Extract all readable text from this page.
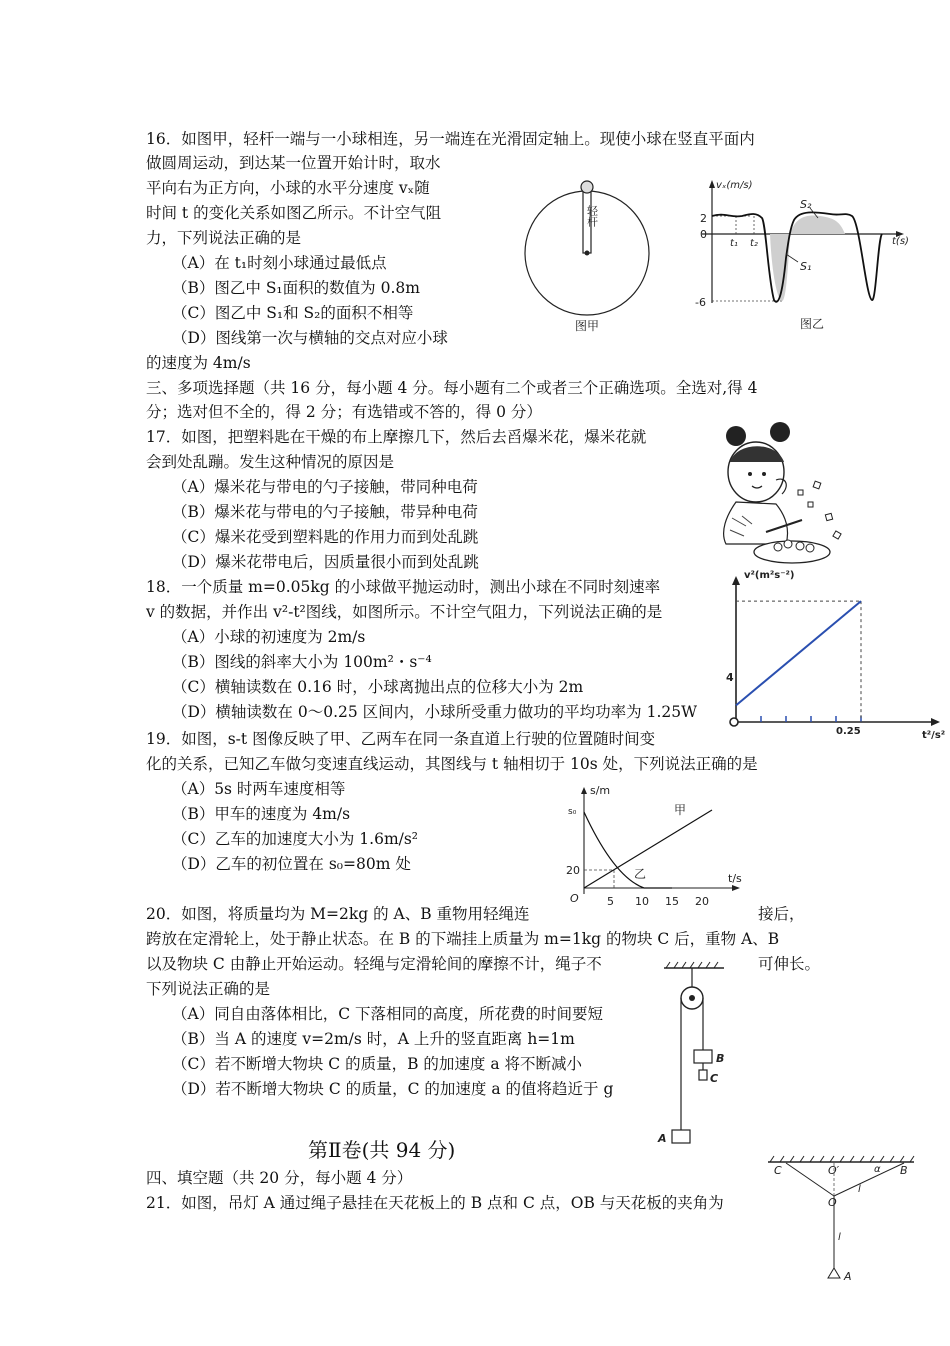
16．如图甲，轻杆一端与一小球相连，另一端连在光滑固定轴上。现使小球在竖直平面内
做圆周运动，到达某一位置开始计时，取水
平向右为正方向，小球的水平分速度 vₓ随
时间 t 的变化关系如图乙所示。不计空气阻
力，下列说法正确的是
（A）在 t₁时刻小球通过最低点
（B）图乙中 S₁面积的数值为 0.8m
（C）图乙中 S₁和 S₂的面积不相等
（D）图线第一次与横轴的交点对应小球
的速度为 4m/s
轻杆
图甲
vₓ(m/s)
t(s)
2
0
-6
t₁ t₂
S₂
S₁
图乙
三、多项选择题（共 16 分，每小题 4 分。每小题有二个或者三个正确选项。全选对,得 4
分；选对但不全的，得 2 分；有选错或不答的，得 0 分）
17．如图，把塑料匙在干燥的布上摩擦几下，然后去舀爆米花，爆米花就
会到处乱蹦。发生这种情况的原因是
（A）爆米花与带电的勺子接触，带同种电荷
（B）爆米花与带电的勺子接触，带异种电荷
（C）爆米花受到塑料匙的作用力而到处乱跳
（D）爆米花带电后，因质量很小而到处乱跳
18．一个质量 m=0.05kg 的小球做平抛运动时，测出小球在不同时刻速率
v 的数据，并作出 v²-t²图线，如图所示。不计空气阻力，下列说法正确的是
（A）小球的初速度为 2m/s
（B）图线的斜率大小为 100m²・s⁻⁴
（C）横轴读数在 0.16 时，小球离抛出点的位移大小为 2m
（D）横轴读数在 0～0.25 区间内，小球所受重力做功的平均功率为 1.25W
v²(m²s⁻²)
t²/s²
4
0.25
19．如图，s-t 图像反映了甲、乙两车在同一条直道上行驶的位置随时间变
化的关系，已知乙车做匀变速直线运动，其图线与 t 轴相切于 10s 处，下列说法正确的是
（A）5s 时两车速度相等
（B）甲车的速度为 4m/s
（C）乙车的加速度大小为 1.6m/s²
（D）乙车的初位置在 s₀=80m 处
s/m
t/s
s₀
20
O	5 10 15 20
甲
乙
20．如图，将质量均为 M=2kg 的 A、B 重物用轻绳连	接后，
跨放在定滑轮上，处于静止状态。在 B 的下端挂上质量为 m=1kg 的物块 C 后，重物 A、B
以及物块 C 由静止开始运动。轻绳与定滑轮间的摩擦不计，绳子不	可伸长。
下列说法正确的是
（A）同自由落体相比，C 下落相同的高度，所花费的时间要短
（B）当 A 的速度 v=2m/s 时，A 上升的竖直距离 h=1m
（C）若不断增大物块 C 的质量，B 的加速度 a 将不断减小
（D）若不断增大物块 C 的质量，C 的加速度 a 的值将趋近于 g
B
C
A
第Ⅱ卷(共 94 分)
四、填空题（共 20 分，每小题 4 分）
21．如图，吊灯 A 通过绳子悬挂在天花板上的 B 点和 C 点，OB 与天花板的夹角为
C	O′	α B
l
O
l
A
